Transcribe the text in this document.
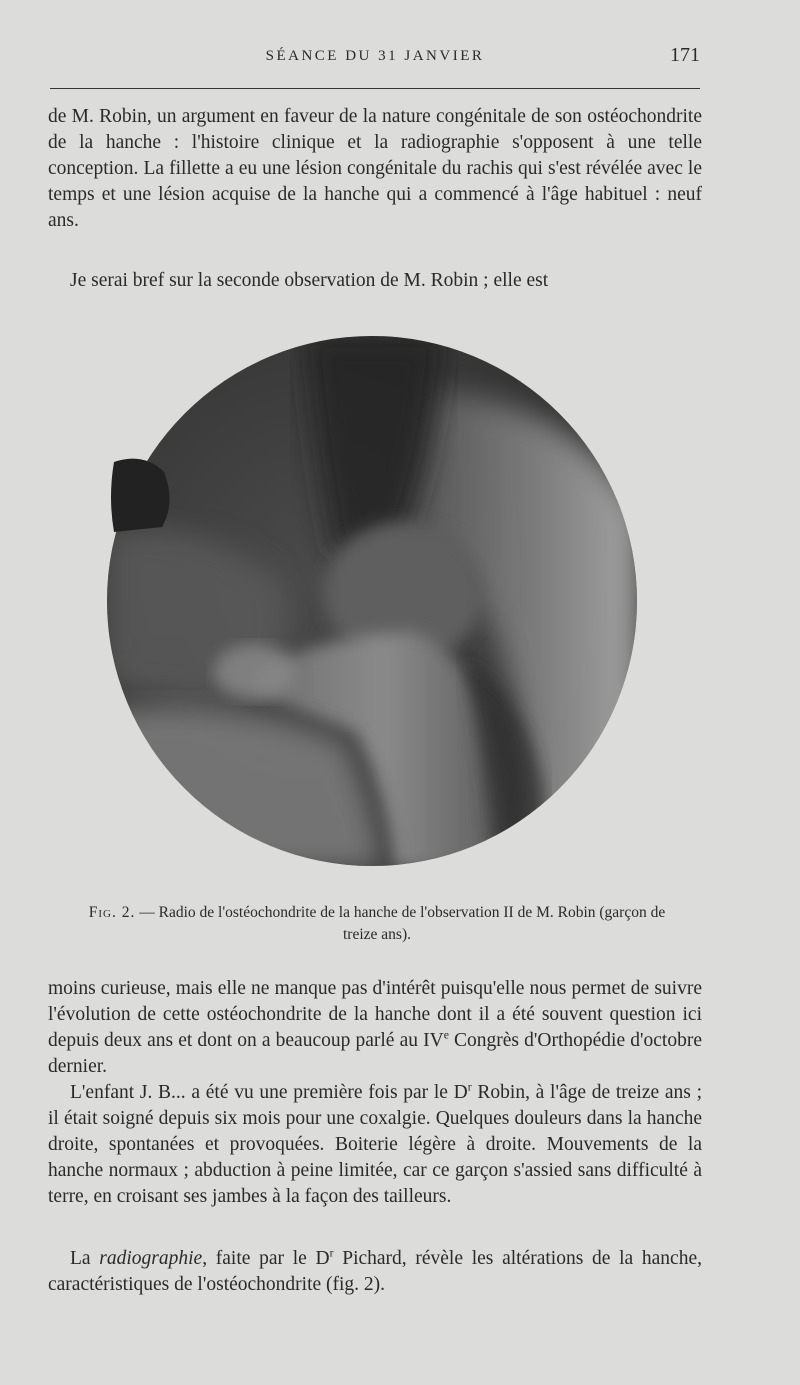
SÉANCE DU 31 JANVIER	171

de M. Robin, un argument en faveur de la nature congénitale de son ostéochondrite de la hanche : l'histoire clinique et la radiographie s'opposent à une telle conception. La fillette a eu une lésion congénitale du rachis qui s'est révélée avec le temps et une lésion acquise de la hanche qui a commencé à l'âge habituel : neuf ans.

Je serai bref sur la seconde observation de M. Robin ; elle est

Fig. 2. — Radio de l'ostéochondrite de la hanche de l'observation II de M. Robin (garçon de treize ans).

moins curieuse, mais elle ne manque pas d'intérêt puisqu'elle nous permet de suivre l'évolution de cette ostéochondrite de la hanche dont il a été souvent question ici depuis deux ans et dont on a beaucoup parlé au IVe Congrès d'Orthopédie d'octobre dernier.

L'enfant J. B... a été vu une première fois par le $D^r$ Robin, à l'âge de treize ans ; il était soigné depuis six mois pour une coxalgie. Quelques douleurs dans la hanche droite, spontanées et provoquées. Boiterie légère à droite. Mouvements de la hanche normaux ; abduction à peine limitée, car ce garçon s'assied sans difficulté à terre, en croisant ses jambes à la façon des tailleurs.

La radiographie, faite par le $D^r$ Pichard, révèle les altérations de la hanche, caractéristiques de l'ostéochondrite (fig. 2).
